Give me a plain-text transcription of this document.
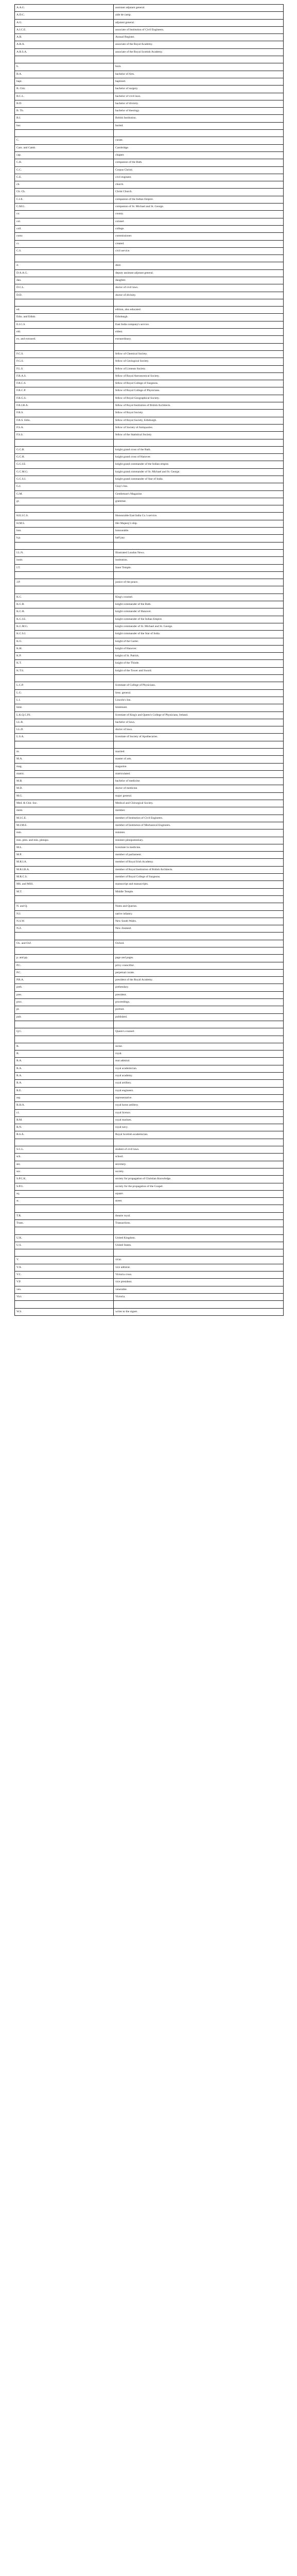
A.A.G.	assistant adjutant general.
A.D.C.	aide de camp.
A.G.	adjutant general.
A.I.C.E.	associate of Institution of Civil Engineers.
A.R.	Annual Register.
A.R.A.	associate of the Royal Academy.
A.R.S.A.	associate of the Royal Scottish Academy.

b.	born.
B.A.	bachelor of Arts.
bapt.	baptized.
B. Chir.	bachelor of surgery.
B.C.L.	bachelor of civil laws.
B.D.	bachelor of divinity.
B. Th.	bachelor of theology.
B.I.	British Institution.
bur.	buried.

C.	curate.
Cam. and Camb.	Cambridge.
cap.	chapter.
C.B.	companion of the Bath.
C.C.	Corpus Christi.
C.E.	civil engineer.
ch.	church.
Ch. Ch.	Christ Church.
C.I.E.	companion of the Indian Empire.
C.M.G.	companion of St. Michael and St. George.
co.	county.
col.	colonel.
coll.	college.
comr.	commissioner.
cr.	created.
C.S.	civil service.

d.	died.
D.A.A.G.	deputy assistant adjutant general.
dau.	daughter.
D.C.L.	doctor of civil laws.
D.D.	doctor of divinity.

ed.	edition, also educated.
Edin. and Edinb.	Edinburgh.
E.I.C.S.	East India company's service.
eld.	eldest.
ex. and extraord.	extraordinary.

F.C.S.	fellow of Chemical Society.
F.G.S.	fellow of Geological Society.
F.L.S.	fellow of Linnean Society.
F.R.A.S.	fellow of Royal Astronomical Society.
F.R.C.S.	fellow of Royal College of Surgeons.
F.R.C.P.	fellow of Royal College of Physicians.
F.R.G.S.	fellow of Royal Geographical Society.
F.R.I.B.A.	fellow of Royal Institution of British Architects.
F.R.S.	fellow of Royal Society.
F.R.S. Edin.	fellow of Royal Society, Edinburgh.
F.S.A.	fellow of Society of Antiquaries.
F.S.S.	fellow of the Statistical Society.

G.C.B.	knight grand cross of the Bath.
G.C.H.	knight grand cross of Hanover.
G.C.I.E.	knight grand commander of the Indian empire.
G.C.M.G.	knight grand commander of St. Michael and St. George.
G.C.S.I.	knight grand commander of Star of India.
G.I.	Gray's Inn.
G.M.	Gentleman's Magazine.
gr.	grammar.

H.E.I.C.S.	Honourable East India Co.'s service.
H.M.S.	Her Majesty's ship.
hon.	honourable.
h.p.	half pay.

I.L.N.	Illustrated London News.
instit.	institution.
I.T.	Inner Temple.

J.P.	justice of the peace.

K.C.	King's counsel.
K.C.B.	knight commander of the Bath.
K.C.H.	knight commander of Hanover.
K.C.I.E.	knight commander of the Indian Empire.
K.C.M.G.	knight commander of St. Michael and St. George.
K.C.S.I.	knight commander of the Star of India.
K.G.	knight of the Garter.
K.H.	knight of Hanover.
K.P.	knight of St. Patrick.
K.T.	knight of the Thistle.
K.T.S.	knight of the Tower and Sword.

L.C.P.	licentiate of College of Physicians.
L.G.	lieut. general.
L.I.	Lincoln's Inn.
lieut.	lieutenant.
L.K.Q.C.P.I.	licentiate of King's and Queen's College of Physicians, Ireland.
LL.B.	bachelor of laws.
LL.D.	doctor of laws.
L.S.A.	licentiate of Society of Apothecaries.

m.	married.
M.A.	master of arts.
mag.	magazine.
matric.	matriculated.
M.B.	bachelor of medicine.
M.D.	doctor of medicine.
M.G.	major general.
Med. & Chir. Soc.	Medical and Chirurgical Society.
mem.	member.
M.I.C.E.	member of Institution of Civil Engineers.
M.I.M.E.	member of Institution of Mechanical Engineers.
min.	minister.
min. plen. and min. plenipo.	minister plenipotentiary.
M.L.	licentiate in medicine.
M.P.	member of parliament.
M.R.I.A.	member of Royal Irish Academy.
M.R.I.B.A.	member of Royal Institution of British Architects.
M.R.C.S.	member of Royal College of Surgeons.
MS. and MSS.	manuscript and manuscripts.
M.T.	Middle Temple.

N. and Q.	Notes and Queries.
N.I.	native infantry.
N.S.W.	New South Wales.
N.Z.	New Zealand.

Ox. and Oxf.	Oxford.

p. and pp.	page and pages.
P.C.	privy councillor.
P.C.	perpetual curate.
P.R.A.	president of the Royal Academy.
preb.	prebendary.
pres.	president.
proc.	proceedings.
pt.	portrait.
pub.	published.

Q.C.	Queen's counsel.

R.	rector.
R.	royal.
R.A.	rear admiral.
R.A.	royal academician.
R.A.	royal academy.
R.A.	royal artillery.
R.E.	royal engineers.
rep.	representative.
R.H.A.	royal horse artillery.
r.l.	royal licence.
R.M.	royal marines.
R.N.	royal navy.
R.S.A.	Royal Scottish academician.

S.C.L.	student of civil laws.
sch.	school.
sec.	secretary.
soc.	society.
S.P.C.K.	society for propagation of Christian Knowledge.
S.P.G.	society for the propagation of the Gospel.
sq.	square.
st.	street.

T.R.	theatre royal.
Trans.	Transactions.

U.K.	United Kingdom.
U.S.	United States.

V.	vicar.
V.A.	vice admiral.
V.C.	Victoria cross.
V.P.	vice president.
ven.	venerable.
Vict.	Victoria.

W.S.	writer to the signet.
